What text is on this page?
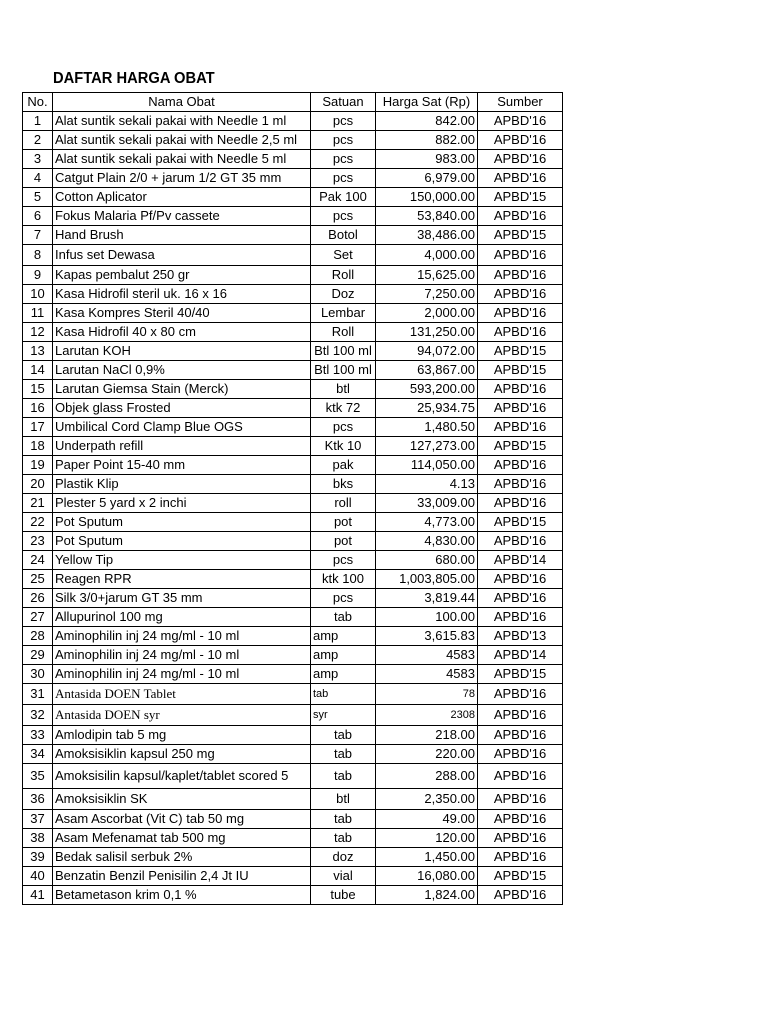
DAFTAR HARGA OBAT
No.	Nama Obat	Satuan	Harga Sat (Rp)	Sumber
1	Alat suntik sekali pakai with Needle 1 ml	pcs	842.00	APBD'16
2	Alat suntik sekali pakai with Needle 2,5 ml	pcs	882.00	APBD'16
3	Alat suntik sekali pakai with Needle 5 ml	pcs	983.00	APBD'16
4	Catgut Plain 2/0 + jarum 1/2 GT 35 mm	pcs	6,979.00	APBD'16
5	Cotton Aplicator	Pak 100	150,000.00	APBD'15
6	Fokus Malaria Pf/Pv cassete	pcs	53,840.00	APBD'16
7	Hand Brush	Botol	38,486.00	APBD'15
8	Infus set Dewasa	Set	4,000.00	APBD'16
9	Kapas pembalut 250 gr	Roll	15,625.00	APBD'16
10	Kasa Hidrofil steril uk. 16 x 16	Doz	7,250.00	APBD'16
11	Kasa Kompres Steril 40/40	Lembar	2,000.00	APBD'16
12	Kasa Hidrofil 40 x 80 cm	Roll	131,250.00	APBD'16
13	Larutan KOH	Btl 100 ml	94,072.00	APBD'15
14	Larutan NaCl 0,9%	Btl 100 ml	63,867.00	APBD'15
15	Larutan Giemsa Stain (Merck)	btl	593,200.00	APBD'16
16	Objek glass Frosted	ktk 72	25,934.75	APBD'16
17	Umbilical Cord Clamp Blue OGS	pcs	1,480.50	APBD'16
18	Underpath refill	Ktk 10	127,273.00	APBD'15
19	Paper Point 15-40 mm	pak	114,050.00	APBD'16
20	Plastik Klip	bks	4.13	APBD'16
21	Plester 5 yard x 2 inchi	roll	33,009.00	APBD'16
22	Pot Sputum	pot	4,773.00	APBD'15
23	Pot Sputum	pot	4,830.00	APBD'16
24	Yellow Tip	pcs	680.00	APBD'14
25	Reagen RPR	ktk 100	1,003,805.00	APBD'16
26	Silk 3/0+jarum GT 35 mm	pcs	3,819.44	APBD'16
27	Allupurinol 100 mg	tab	100.00	APBD'16
28	Aminophilin inj 24 mg/ml - 10 ml	amp	3,615.83	APBD'13
29	Aminophilin inj 24 mg/ml - 10 ml	amp	4583	APBD'14
30	Aminophilin inj 24 mg/ml - 10 ml	amp	4583	APBD'15
31	Antasida DOEN Tablet	tab	78	APBD'16
32	Antasida DOEN syr	syr	2308	APBD'16
33	Amlodipin tab 5 mg	tab	218.00	APBD'16
34	Amoksisiklin kapsul 250 mg	tab	220.00	APBD'16
35	Amoksisilin kapsul/kaplet/tablet scored 5	tab	288.00	APBD'16
36	Amoksisiklin SK	btl	2,350.00	APBD'16
37	Asam Ascorbat (Vit C) tab 50 mg	tab	49.00	APBD'16
38	Asam Mefenamat tab 500 mg	tab	120.00	APBD'16
39	Bedak salisil serbuk 2%	doz	1,450.00	APBD'16
40	Benzatin Benzil Penisilin 2,4 Jt IU	vial	16,080.00	APBD'15
41	Betametason krim 0,1 %	tube	1,824.00	APBD'16
